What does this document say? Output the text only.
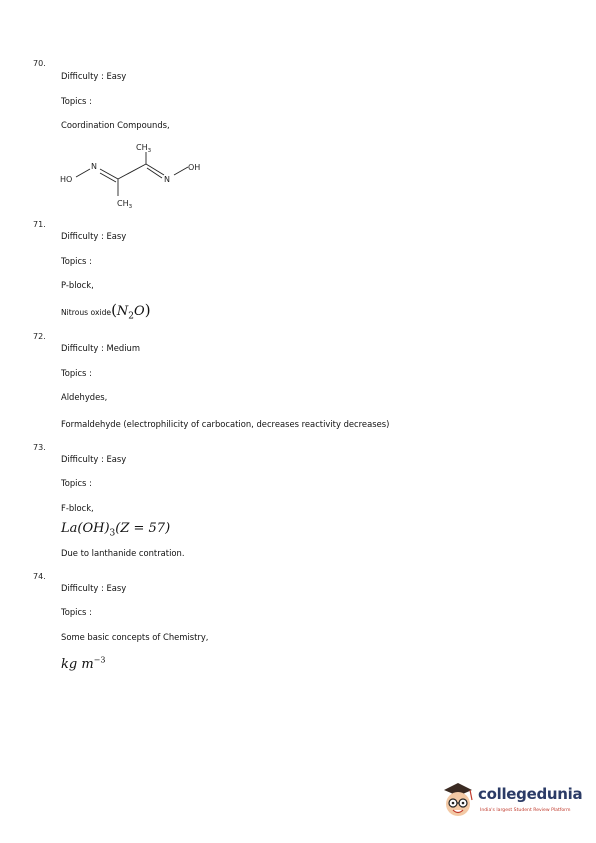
70.
Difficulty : Easy
Topics :
Coordination Compounds,
$CH_3$
HO
N
N
OH
$CH_3$
71.
Difficulty : Easy
Topics :
P-block,
Nitrous $oxide(N_2O)$
72.
Difficulty : Medium
Topics :
Aldehydes,
Formaldehyde (electrophilicity of carbocation, decreases reactivity decreases)
73.
Difficulty : Easy
Topics :
F-block,
$La(OH)_3(Z = 57)$
Due to lanthanide contration.
74.
Difficulty : Easy
Topics :
Some basic concepts of Chemistry,
kg $m^{-3}$
collegedunia
India's largest Student Review Platform
